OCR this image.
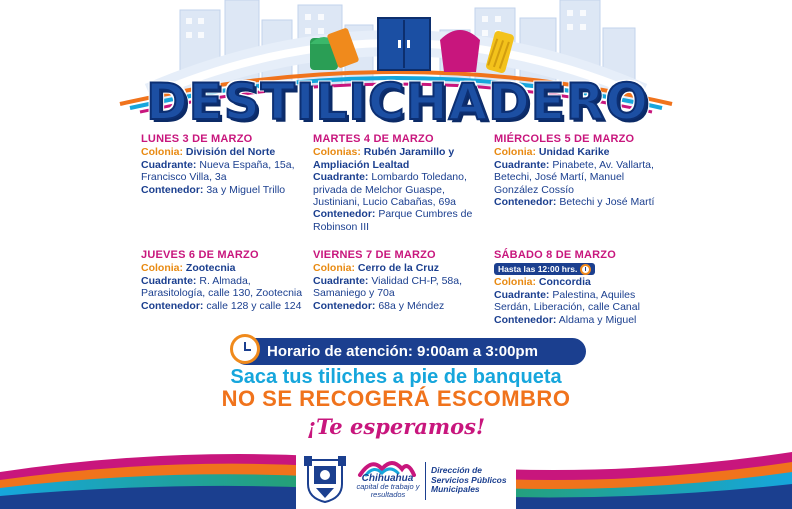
DESTILICHADERO
LUNES 3 DE MARZO
Colonia: División del Norte
Cuadrante: Nueva España, 15a, Francisco Villa, 3a
Contenedor: 3a y Miguel Trillo
MARTES 4 DE MARZO
Colonias: Rubén Jaramillo y Ampliación Lealtad
Cuadrante: Lombardo Toledano, privada de Melchor Guaspe, Justiniani, Lucio Cabañas, 69a
Contenedor: Parque Cumbres de Robinson III
MIÉRCOLES 5 DE MARZO
Colonia: Unidad Karike
Cuadrante: Pinabete, Av. Vallarta, Betechi, José Martí, Manuel González Cossío
Contenedor: Betechi y José Martí
JUEVES 6 DE MARZO
Colonia: Zootecnia
Cuadrante: R. Almada, Parasitología, calle 130, Zootecnia
Contenedor: calle 128 y calle 124
VIERNES 7 DE MARZO
Colonia: Cerro de la Cruz
Cuadrante: Vialidad CH-P, 58a, Samaniego y 70a
Contenedor: 68a y Méndez
SÁBADO 8 DE MARZO
Hasta las 12:00 hrs.
Colonia: Concordia
Cuadrante: Palestina, Aquiles Serdán, Liberación, calle Canal
Contenedor: Aldama y Miguel
Horario de atención: 9:00am a 3:00pm
Saca tus tiliches a pie de banqueta
NO SE RECOGERÁ ESCOMBRO
¡Te esperamos!
Chihuahua
capital de trabajo y resultados
Dirección de Servicios Públicos Municipales
